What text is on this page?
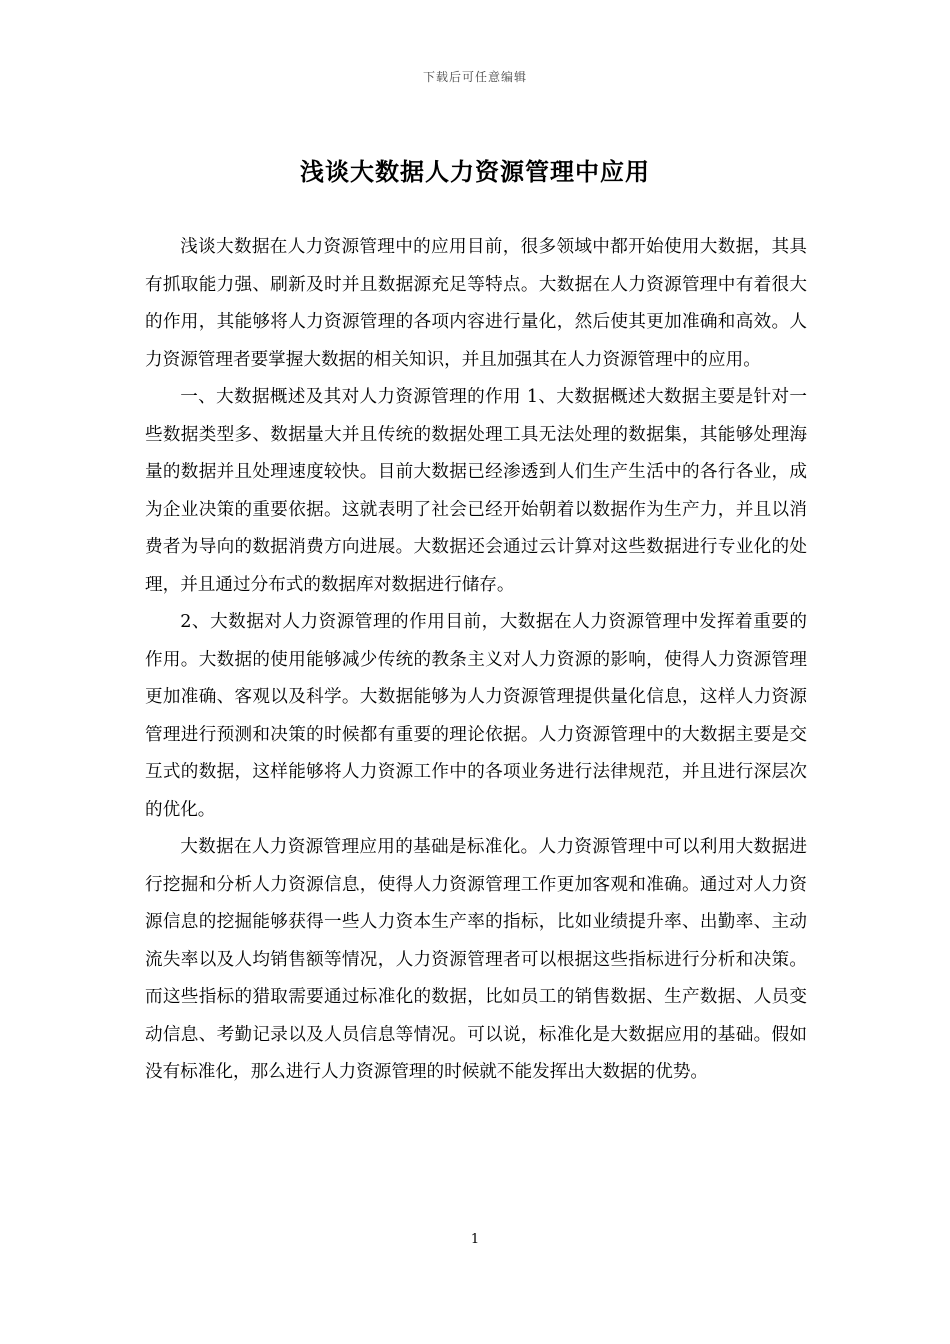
下载后可任意编辑
浅谈大数据人力资源管理中应用

浅谈大数据在人力资源管理中的应用目前，很多领域中都开始使用大数据，其具有抓取能力强、刷新及时并且数据源充足等特点。大数据在人力资源管理中有着很大的作用，其能够将人力资源管理的各项内容进行量化，然后使其更加准确和高效。人力资源管理者要掌握大数据的相关知识，并且加强其在人力资源管理中的应用。

一、大数据概述及其对人力资源管理的作用 1、大数据概述大数据主要是针对一些数据类型多、数据量大并且传统的数据处理工具无法处理的数据集，其能够处理海量的数据并且处理速度较快。目前大数据已经渗透到人们生产生活中的各行各业，成为企业决策的重要依据。这就表明了社会已经开始朝着以数据作为生产力，并且以消费者为导向的数据消费方向进展。大数据还会通过云计算对这些数据进行专业化的处理，并且通过分布式的数据库对数据进行储存。

2、大数据对人力资源管理的作用目前，大数据在人力资源管理中发挥着重要的作用。大数据的使用能够减少传统的教条主义对人力资源的影响，使得人力资源管理更加准确、客观以及科学。大数据能够为人力资源管理提供量化信息，这样人力资源管理进行预测和决策的时候都有重要的理论依据。人力资源管理中的大数据主要是交互式的数据，这样能够将人力资源工作中的各项业务进行法律规范，并且进行深层次的优化。

大数据在人力资源管理应用的基础是标准化。人力资源管理中可以利用大数据进行挖掘和分析人力资源信息，使得人力资源管理工作更加客观和准确。通过对人力资源信息的挖掘能够获得一些人力资本生产率的指标，比如业绩提升率、出勤率、主动流失率以及人均销售额等情况，人力资源管理者可以根据这些指标进行分析和决策。而这些指标的猎取需要通过标准化的数据，比如员工的销售数据、生产数据、人员变动信息、考勤记录以及人员信息等情况。可以说，标准化是大数据应用的基础。假如没有标准化，那么进行人力资源管理的时候就不能发挥出大数据的优势。

1
